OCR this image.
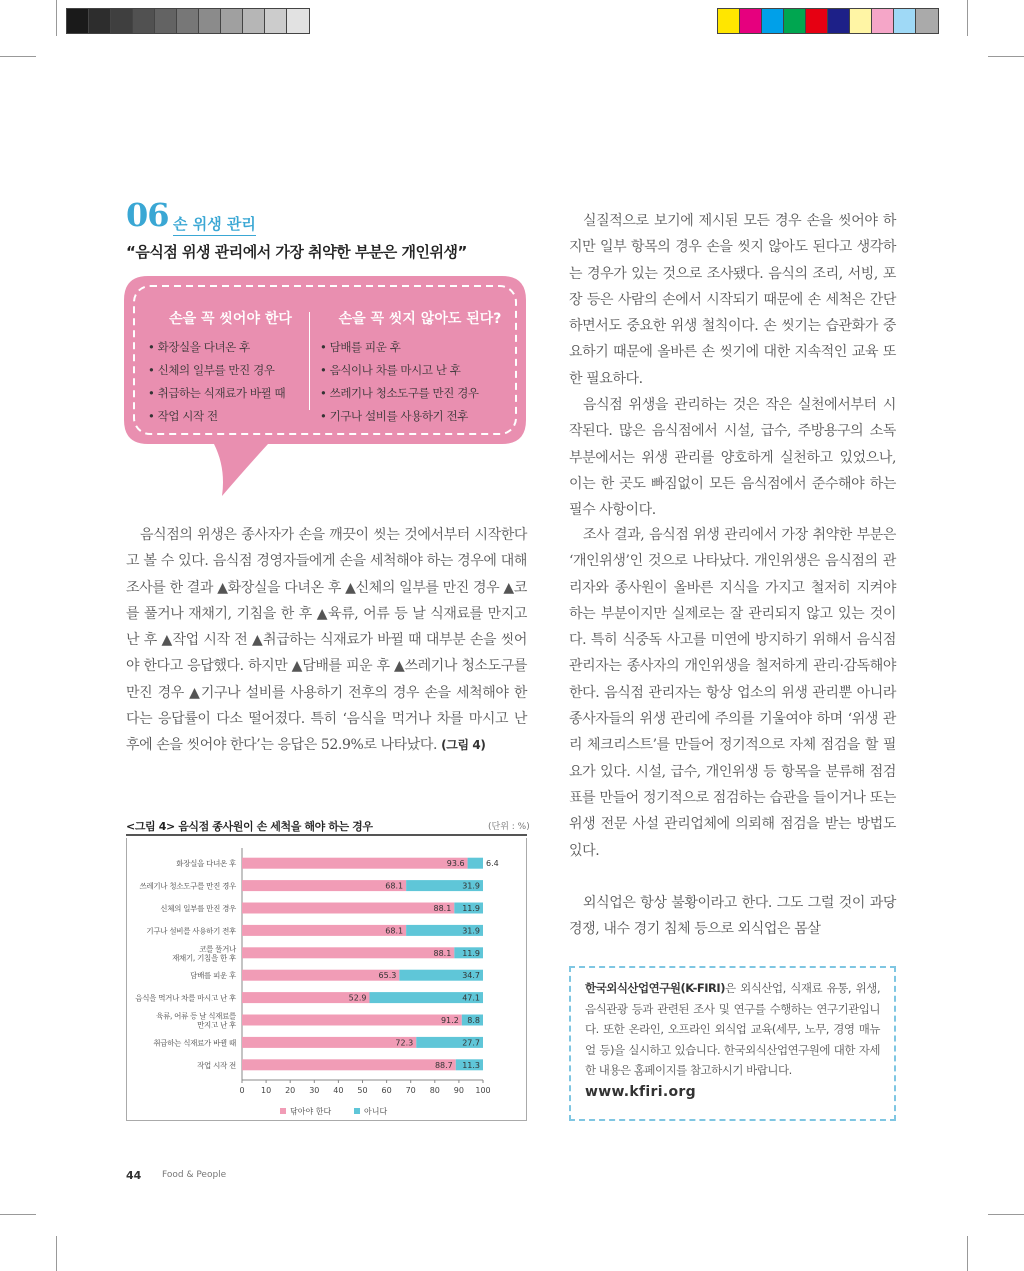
06 손 위생 관리
“음식점 위생 관리에서 가장 취약한 부분은 개인위생”
손을 꼭 씻어야 한다
• 화장실을 다녀온 후
• 신체의 일부를 만진 경우
• 취급하는 식재료가 바뀔 때
• 작업 시작 전
손을 꼭 씻지 않아도 된다?
• 담배를 피운 후
• 음식이나 차를 마시고 난 후
• 쓰레기나 청소도구를 만진 경우
• 기구나 설비를 사용하기 전후
음식점의 위생은 종사자가 손을 깨끗이 씻는 것에서부터 시작한다고 볼 수 있다. 음식점 경영자들에게 손을 세척해야 하는 경우에 대해 조사를 한 결과 ▲화장실을 다녀온 후 ▲신체의 일부를 만진 경우 ▲코를 풀거나 재채기, 기침을 한 후 ▲육류, 어류 등 날 식재료를 만지고 난 후 ▲작업 시작 전 ▲취급하는 식재료가 바뀔 때 대부분 손을 씻어야 한다고 응답했다. 하지만 ▲담배를 피운 후 ▲쓰레기나 청소도구를 만진 경우 ▲기구나 설비를 사용하기 전후의 경우 손을 세척해야 한다는 응답률이 다소 떨어졌다. 특히 ‘음식을 먹거나 차를 마시고 난 후에 손을 씻어야 한다’는 응답은 52.9%로 나타났다. (그림 4)
실질적으로 보기에 제시된 모든 경우 손을 씻어야 하지만 일부 항목의 경우 손을 씻지 않아도 된다고 생각하는 경우가 있는 것으로 조사됐다. 음식의 조리, 서빙, 포장 등은 사람의 손에서 시작되기 때문에 손 세척은 간단하면서도 중요한 위생 철칙이다. 손 씻기는 습관화가 중요하기 때문에 올바른 손 씻기에 대한 지속적인 교육 또한 필요하다.
음식점 위생을 관리하는 것은 작은 실천에서부터 시작된다. 많은 음식점에서 시설, 급수, 주방용구의 소독 부분에서는 위생 관리를 양호하게 실천하고 있었으나, 이는 한 곳도 빠짐없이 모든 음식점에서 준수해야 하는 필수 사항이다.
조사 결과, 음식점 위생 관리에서 가장 취약한 부분은 ‘개인위생’인 것으로 나타났다. 개인위생은 음식점의 관리자와 종사원이 올바른 지식을 가지고 철저히 지켜야 하는 부분이지만 실제로는 잘 관리되지 않고 있는 것이다. 특히 식중독 사고를 미연에 방지하기 위해서 음식점 관리자는 종사자의 개인위생을 철저하게 관리·감독해야 한다. 음식점 관리자는 항상 업소의 위생 관리뿐 아니라 종사자들의 위생 관리에 주의를 기울여야 하며 ‘위생 관리 체크리스트’를 만들어 정기적으로 자체 점검을 할 필요가 있다. 시설, 급수, 개인위생 등 항목을 분류해 점검표를 만들어 정기적으로 점검하는 습관을 들이거나 또는 위생 전문 사설 관리업체에 의뢰해 점검을 받는 방법도 있다.
외식업은 항상 불황이라고 한다. 그도 그럴 것이 과당 경쟁, 내수 경기 침체 등으로 외식업은 몸살
<그림 4> 음식점 종사원이 손 세척을 해야 하는 경우	(단위 : %)
0 10 20 30 40 50 60 70 80 90 100
화장실을 다녀온 후	93.6	6.4
쓰레기나 청소도구를 만진 경우	68.1	31.9
신체의 일부를 만진 경우	88.1 11.9
기구나 설비를 사용하기 전후	68.1	31.9
코를 풀거나
재채기, 기침을 한 후	88.1 11.9
담배를 피운 후	65.3	34.7
음식을 먹거나 차를 마시고 난 후	52.9	47.1
육류, 어류 등 날 식재료를
만지고 난 후	91.2 8.8
취급하는 식재료가 바뀔 때	72.3	27.7
작업 시작 전	88.7 11.3
닦아야 한다	아니다
한국외식산업연구원(K-FIRI)은 외식산업, 식재료 유통, 위생, 음식관광 등과 관련된 조사 및 연구를 수행하는 연구기관입니다. 또한 온라인, 오프라인 외식업 교육(세무, 노무, 경영 매뉴얼 등)을 실시하고 있습니다. 한국외식산업연구원에 대한 자세한 내용은 홈페이지를 참고하시기 바랍니다.
www.kfiri.org
44 Food & People
